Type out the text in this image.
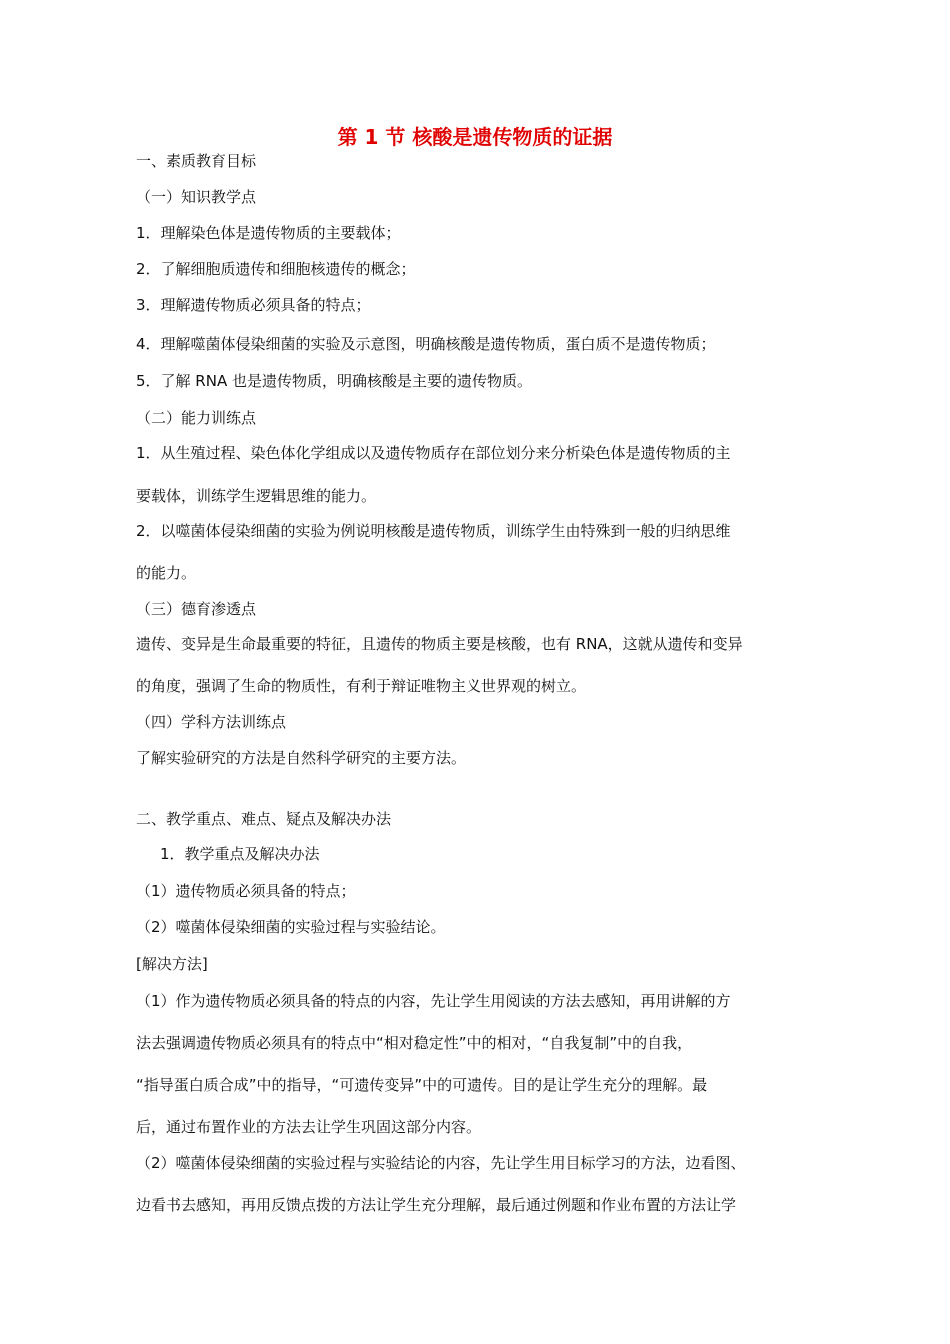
第 1 节 核酸是遗传物质的证据
一、素质教育目标
（一）知识教学点
1．理解染色体是遗传物质的主要载体；
2．了解细胞质遗传和细胞核遗传的概念；
3．理解遗传物质必须具备的特点；
4．理解噬菌体侵染细菌的实验及示意图，明确核酸是遗传物质，蛋白质不是遗传物质；
5．了解 RNA 也是遗传物质，明确核酸是主要的遗传物质。
（二）能力训练点
1．从生殖过程、染色体化学组成以及遗传物质存在部位划分来分析染色体是遗传物质的主
要载体，训练学生逻辑思维的能力。
2．以噬菌体侵染细菌的实验为例说明核酸是遗传物质，训练学生由特殊到一般的归纳思维
的能力。
（三）德育渗透点
遗传、变异是生命最重要的特征，且遗传的物质主要是核酸，也有 RNA，这就从遗传和变异
的角度，强调了生命的物质性，有利于辩证唯物主义世界观的树立。
（四）学科方法训练点
了解实验研究的方法是自然科学研究的主要方法。
二、教学重点、难点、疑点及解决办法
1．教学重点及解决办法
（1）遗传物质必须具备的特点；
（2）噬菌体侵染细菌的实验过程与实验结论。
[解决方法]
（1）作为遗传物质必须具备的特点的内容，先让学生用阅读的方法去感知，再用讲解的方
法去强调遗传物质必须具有的特点中“相对稳定性”中的相对，“自我复制”中的自我，
“指导蛋白质合成”中的指导，“可遗传变异”中的可遗传。目的是让学生充分的理解。最
后，通过布置作业的方法去让学生巩固这部分内容。
（2）噬菌体侵染细菌的实验过程与实验结论的内容，先让学生用目标学习的方法，边看图、
边看书去感知，再用反馈点拨的方法让学生充分理解，最后通过例题和作业布置的方法让学
